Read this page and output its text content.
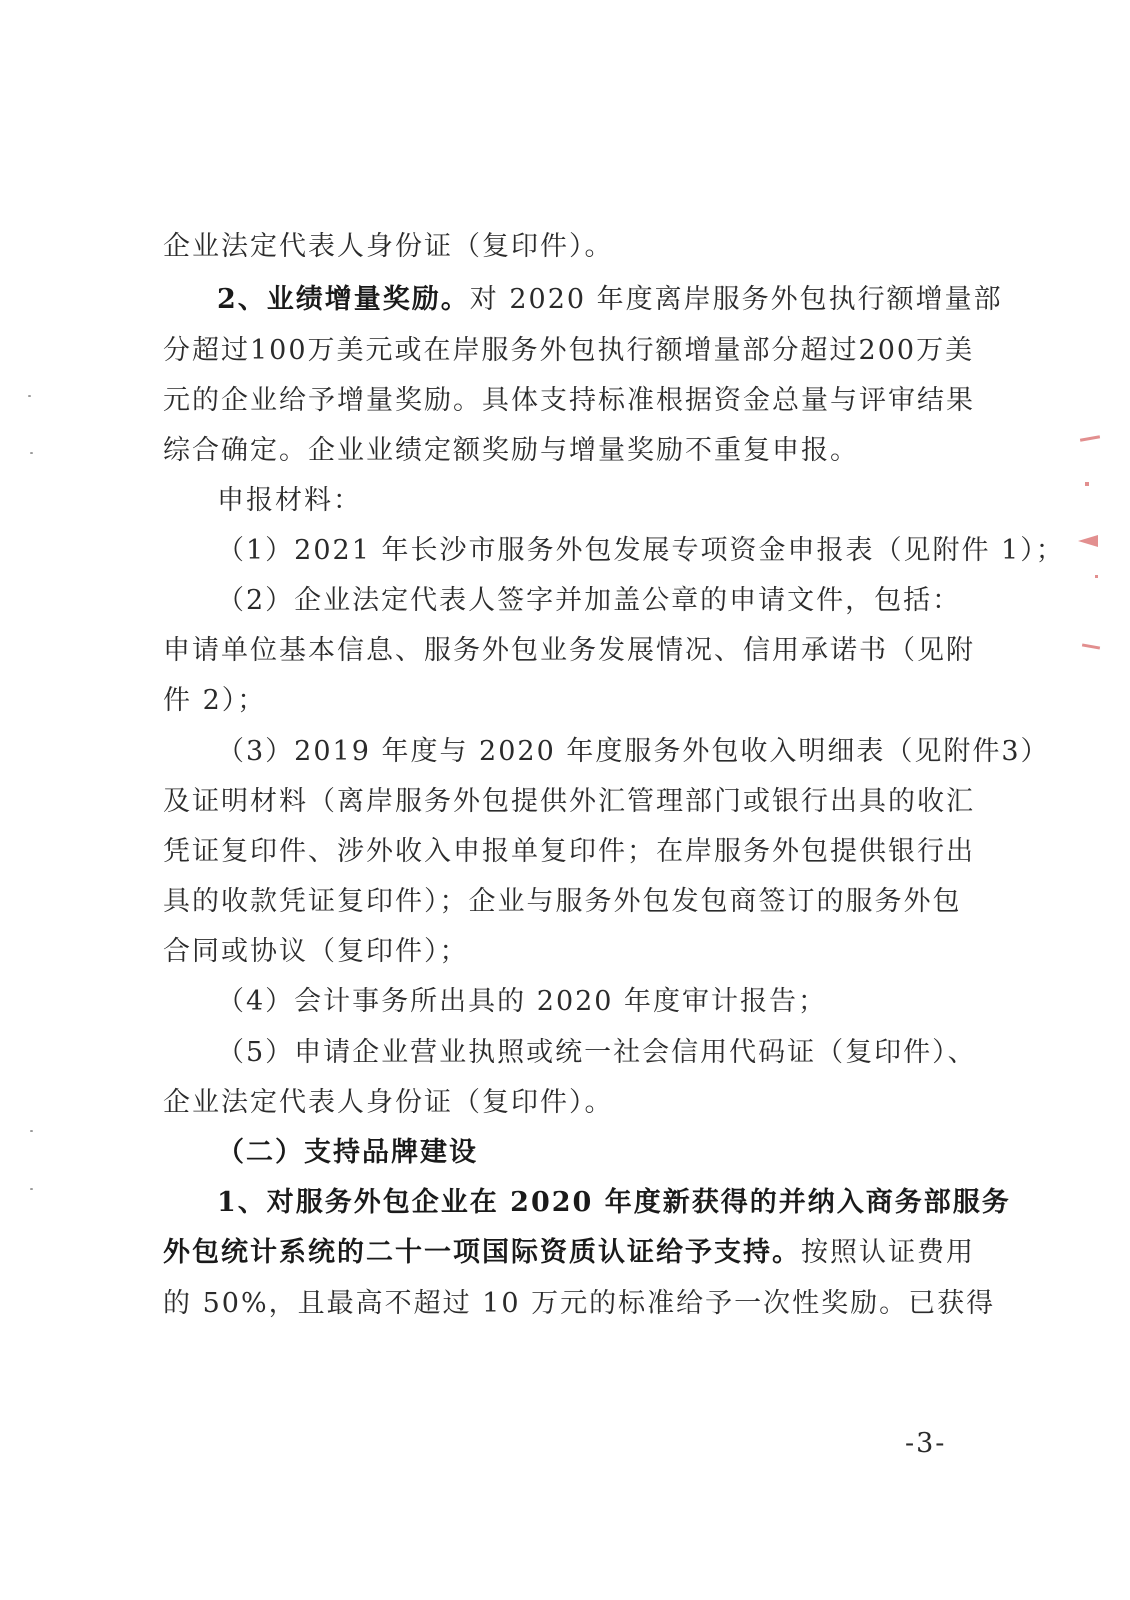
企业法定代表人身份证（复印件）。
2、业绩增量奖励。对 2020 年度离岸服务外包执行额增量部
分超过100万美元或在岸服务外包执行额增量部分超过200万美
元的企业给予增量奖励。具体支持标准根据资金总量与评审结果
综合确定。企业业绩定额奖励与增量奖励不重复申报。
申报材料：
（1）2021 年长沙市服务外包发展专项资金申报表（见附件 1）；
（2）企业法定代表人签字并加盖公章的申请文件，包括：
申请单位基本信息、服务外包业务发展情况、信用承诺书（见附
件 2）；
（3）2019 年度与 2020 年度服务外包收入明细表（见附件3）
及证明材料（离岸服务外包提供外汇管理部门或银行出具的收汇
凭证复印件、涉外收入申报单复印件；在岸服务外包提供银行出
具的收款凭证复印件）；企业与服务外包发包商签订的服务外包
合同或协议（复印件）；
（4）会计事务所出具的 2020 年度审计报告；
（5）申请企业营业执照或统一社会信用代码证（复印件）、
企业法定代表人身份证（复印件）。
（二）支持品牌建设
1、对服务外包企业在 2020 年度新获得的并纳入商务部服务
外包统计系统的二十一项国际资质认证给予支持。按照认证费用
的 50%，且最高不超过 10 万元的标准给予一次性奖励。已获得
-3-
